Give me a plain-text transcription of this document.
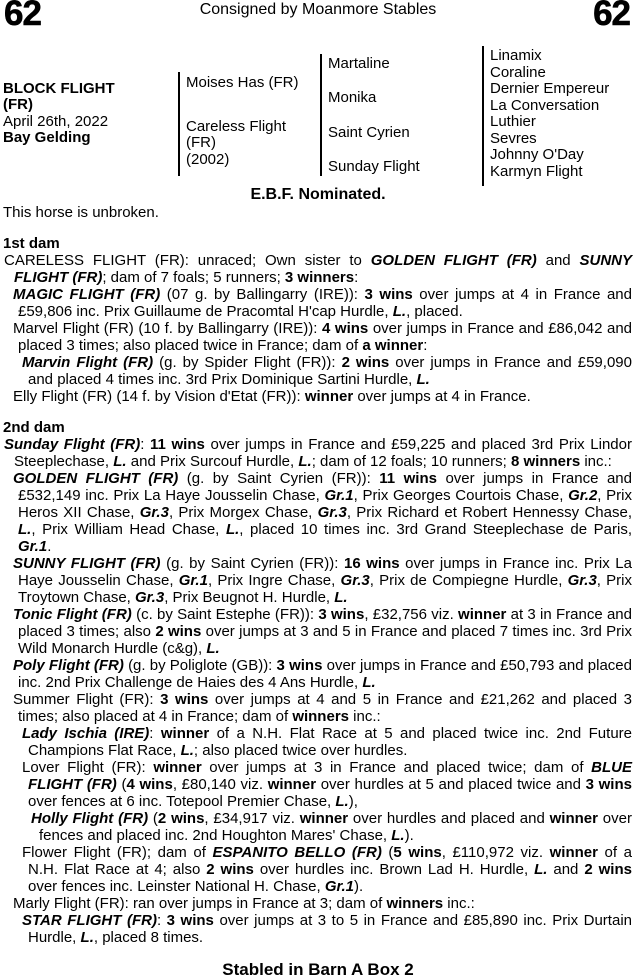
62	Consigned by Moanmore Stables	62
BLOCK FLIGHT
(FR)
April 26th, 2022
Bay Gelding
Moises Has (FR)
Careless Flight
(FR)
(2002)
Martaline
Monika
Saint Cyrien
Sunday Flight
Linamix
Coraline
Dernier Empereur
La Conversation
Luthier
Sevres
Johnny O'Day
Karmyn Flight
E.B.F. Nominated.
This horse is unbroken.
1st dam
CARELESS FLIGHT (FR): unraced; Own sister to GOLDEN FLIGHT (FR) and SUNNY FLIGHT (FR); dam of 7 foals; 5 runners; 3 winners:
MAGIC FLIGHT (FR) (07 g. by Ballingarry (IRE)): 3 wins over jumps at 4 in France and £59,806 inc. Prix Guillaume de Pracomtal H'cap Hurdle, L., placed.
Marvel Flight (FR) (10 f. by Ballingarry (IRE)): 4 wins over jumps in France and £86,042 and placed 3 times; also placed twice in France; dam of a winner:
Marvin Flight (FR) (g. by Spider Flight (FR)): 2 wins over jumps in France and £59,090 and placed 4 times inc. 3rd Prix Dominique Sartini Hurdle, L.
Elly Flight (FR) (14 f. by Vision d'Etat (FR)): winner over jumps at 4 in France.
2nd dam
Sunday Flight (FR): 11 wins over jumps in France and £59,225 and placed 3rd Prix Lindor Steeplechase, L. and Prix Surcouf Hurdle, L.; dam of 12 foals; 10 runners; 8 winners inc.:
GOLDEN FLIGHT (FR) (g. by Saint Cyrien (FR)): 11 wins over jumps in France and £532,149 inc. Prix La Haye Jousselin Chase, Gr.1, Prix Georges Courtois Chase, Gr.2, Prix Heros XII Chase, Gr.3, Prix Morgex Chase, Gr.3, Prix Richard et Robert Hennessy Chase, L., Prix William Head Chase, L., placed 10 times inc. 3rd Grand Steeplechase de Paris, Gr.1.
SUNNY FLIGHT (FR) (g. by Saint Cyrien (FR)): 16 wins over jumps in France inc. Prix La Haye Jousselin Chase, Gr.1, Prix Ingre Chase, Gr.3, Prix de Compiegne Hurdle, Gr.3, Prix Troytown Chase, Gr.3, Prix Beugnot H. Hurdle, L.
Tonic Flight (FR) (c. by Saint Estephe (FR)): 3 wins, £32,756 viz. winner at 3 in France and placed 3 times; also 2 wins over jumps at 3 and 5 in France and placed 7 times inc. 3rd Prix Wild Monarch Hurdle (c&g), L.
Poly Flight (FR) (g. by Poliglote (GB)): 3 wins over jumps in France and £50,793 and placed inc. 2nd Prix Challenge de Haies des 4 Ans Hurdle, L.
Summer Flight (FR): 3 wins over jumps at 4 and 5 in France and £21,262 and placed 3 times; also placed at 4 in France; dam of winners inc.:
Lady Ischia (IRE): winner of a N.H. Flat Race at 5 and placed twice inc. 2nd Future Champions Flat Race, L.; also placed twice over hurdles.
Lover Flight (FR): winner over jumps at 3 in France and placed twice; dam of BLUE FLIGHT (FR) (4 wins, £80,140 viz. winner over hurdles at 5 and placed twice and 3 wins over fences at 6 inc. Totepool Premier Chase, L.),
Holly Flight (FR) (2 wins, £34,917 viz. winner over hurdles and placed and winner over fences and placed inc. 2nd Houghton Mares' Chase, L.).
Flower Flight (FR); dam of ESPANITO BELLO (FR) (5 wins, £110,972 viz. winner of a N.H. Flat Race at 4; also 2 wins over hurdles inc. Brown Lad H. Hurdle, L. and 2 wins over fences inc. Leinster National H. Chase, Gr.1).
Marly Flight (FR): ran over jumps in France at 3; dam of winners inc.:
STAR FLIGHT (FR): 3 wins over jumps at 3 to 5 in France and £85,890 inc. Prix Durtain Hurdle, L., placed 8 times.
Stabled in Barn A Box 2
